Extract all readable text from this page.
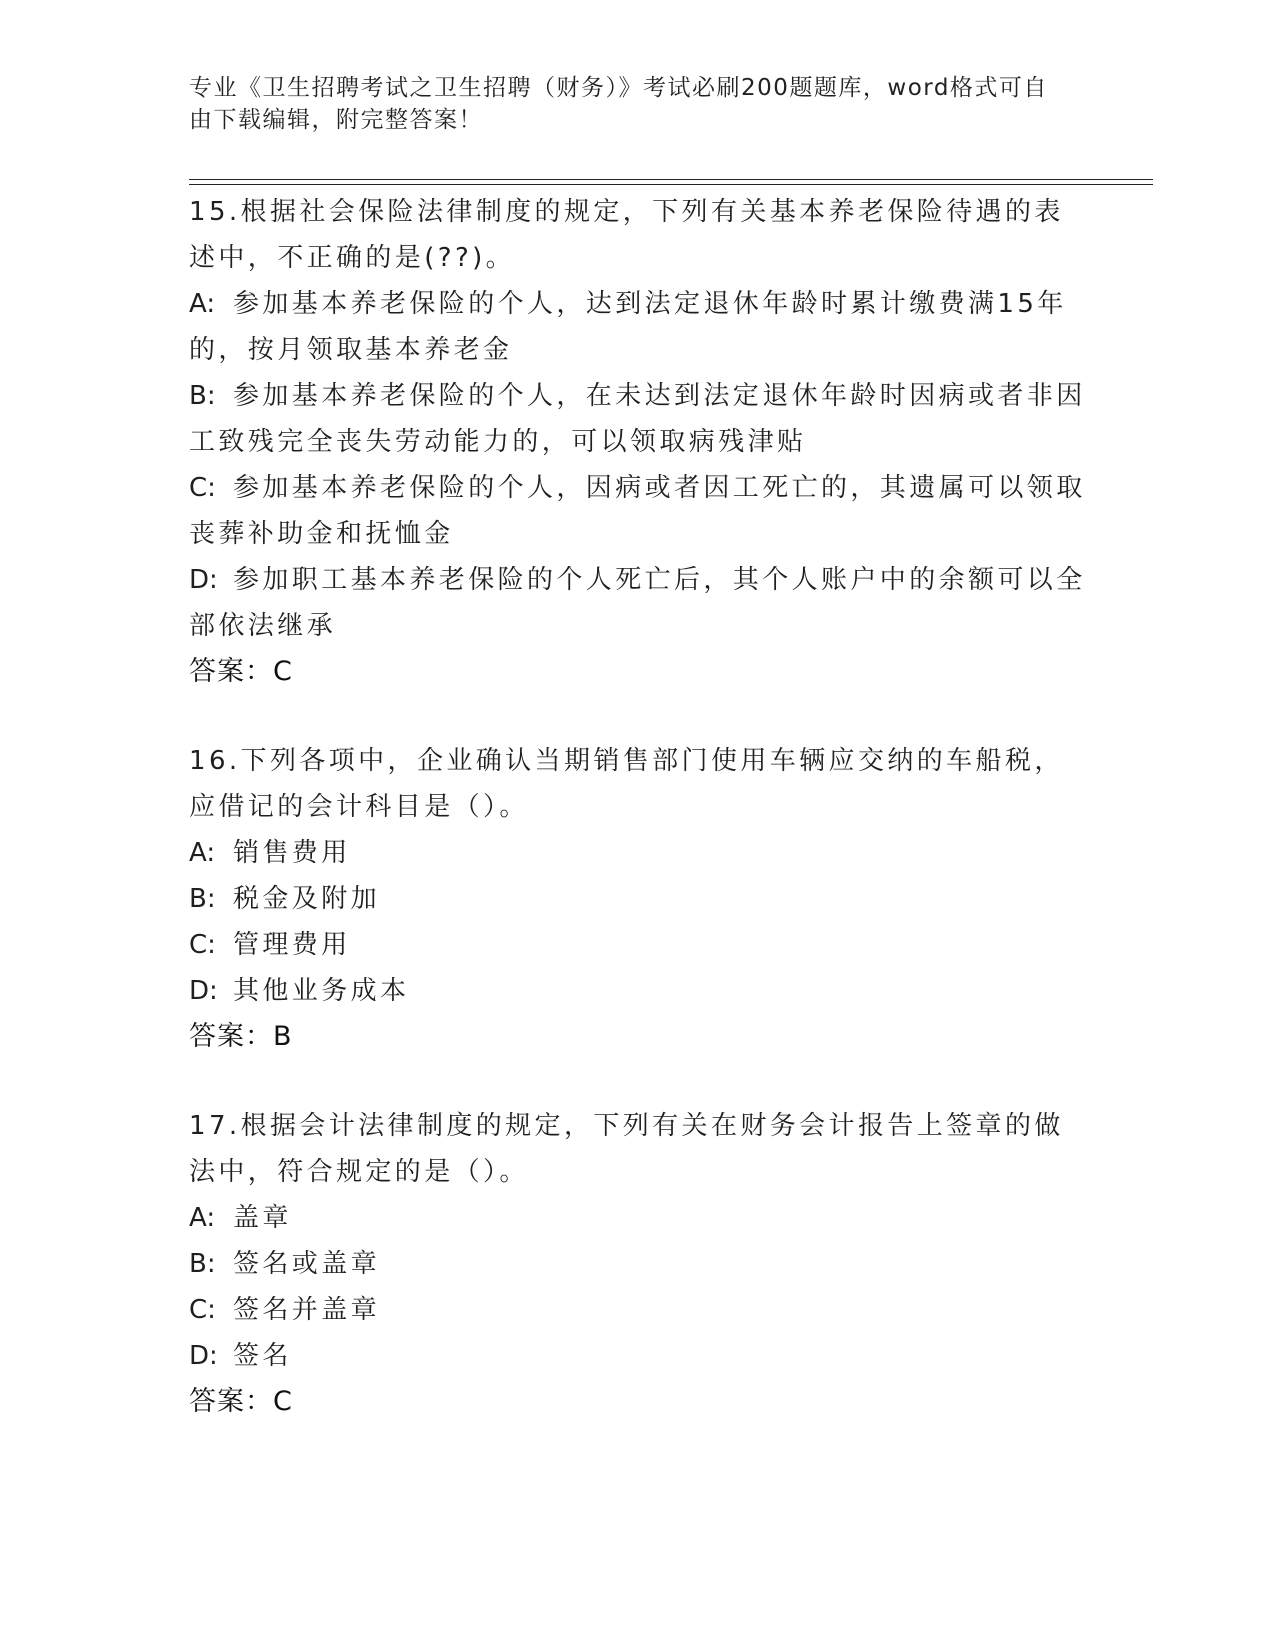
专业《卫生招聘考试之卫生招聘（财务）》考试必刷200题题库，word格式可自由下载编辑，附完整答案！
15.根据社会保险法律制度的规定，下列有关基本养老保险待遇的表述中，不正确的是(??)。
A: 参加基本养老保险的个人，达到法定退休年龄时累计缴费满15年的，按月领取基本养老金
B: 参加基本养老保险的个人，在未达到法定退休年龄时因病或者非因工致残完全丧失劳动能力的，可以领取病残津贴
C: 参加基本养老保险的个人，因病或者因工死亡的，其遗属可以领取丧葬补助金和抚恤金
D: 参加职工基本养老保险的个人死亡后，其个人账户中的余额可以全部依法继承
答案：C
16.下列各项中，企业确认当期销售部门使用车辆应交纳的车船税，应借记的会计科目是（）。
A: 销售费用
B: 税金及附加
C: 管理费用
D: 其他业务成本
答案：B
17.根据会计法律制度的规定，下列有关在财务会计报告上签章的做法中，符合规定的是（）。
A: 盖章
B: 签名或盖章
C: 签名并盖章
D: 签名
答案：C
